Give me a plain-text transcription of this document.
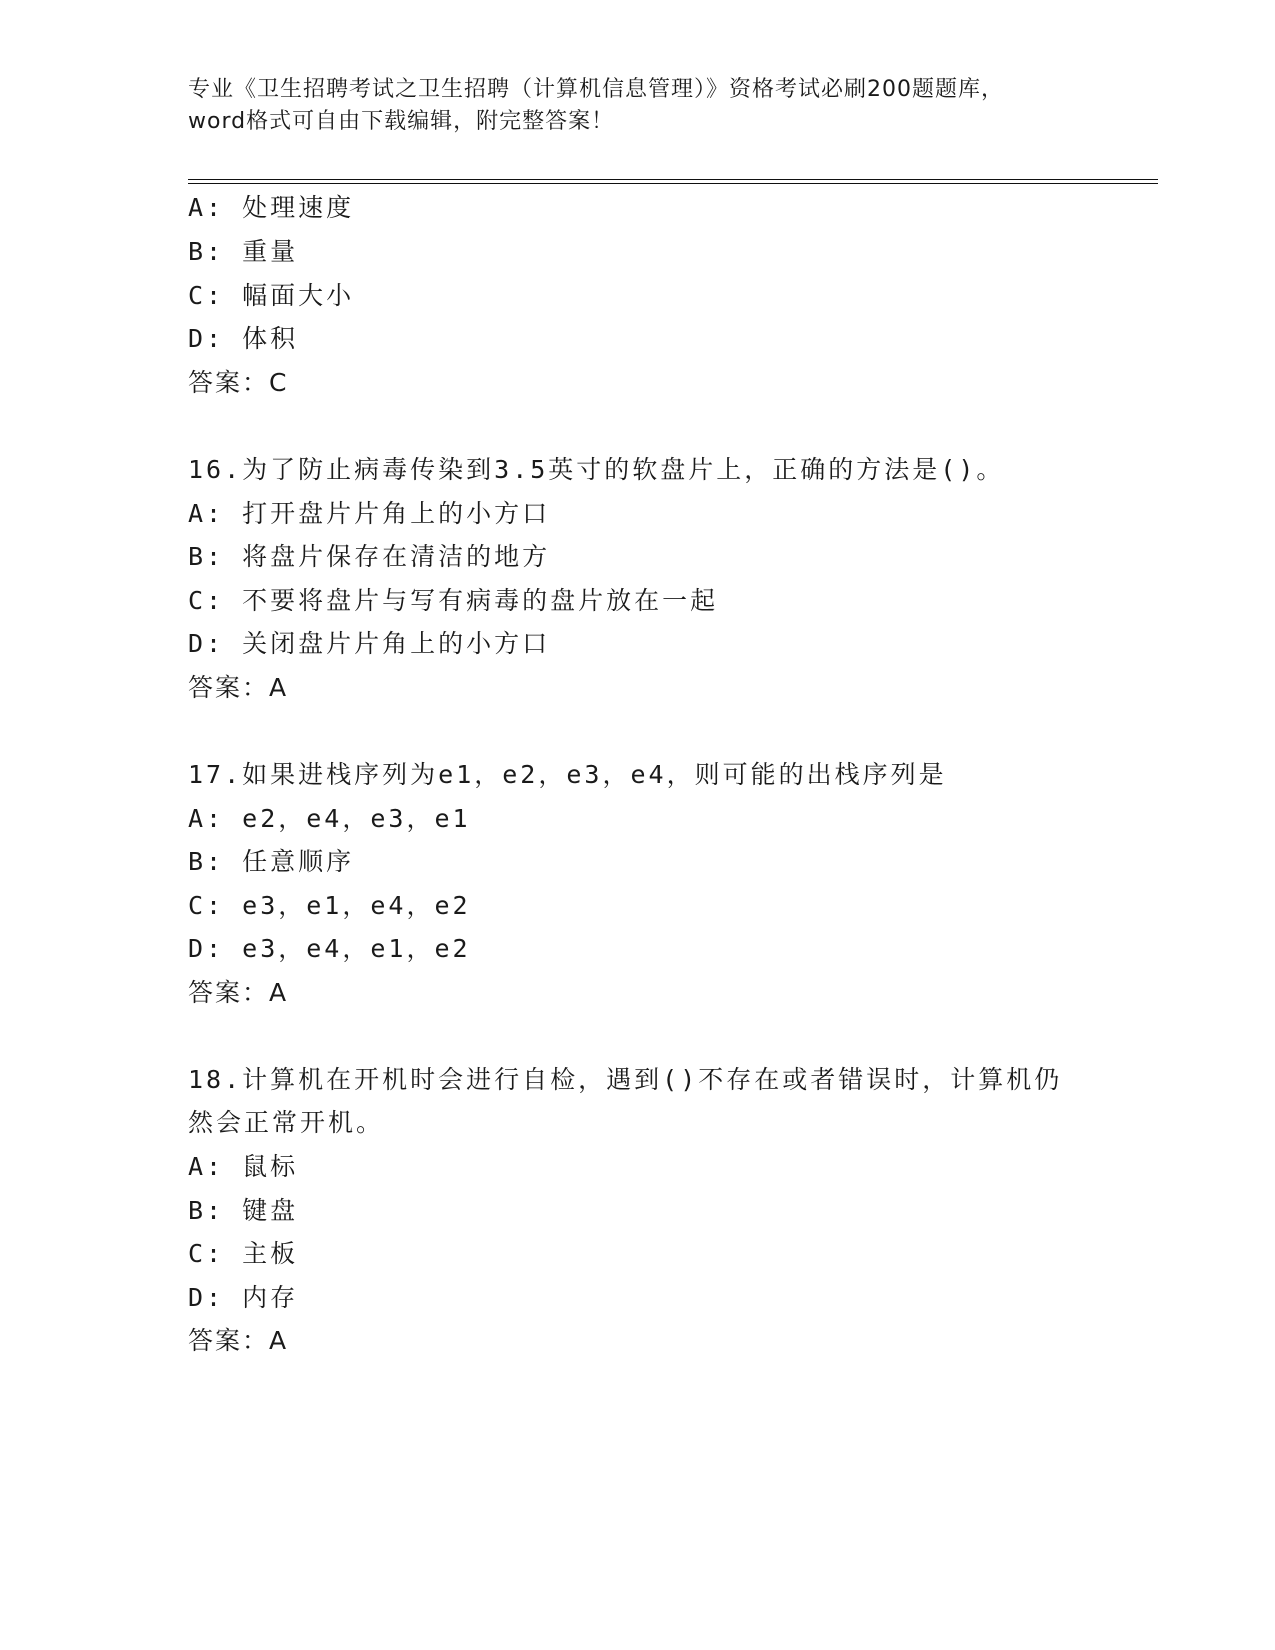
专业《卫生招聘考试之卫生招聘（计算机信息管理）》资格考试必刷200题题库，
word格式可自由下载编辑，附完整答案！
A: 处理速度
B: 重量
C: 幅面大小
D: 体积
答案：C
16.为了防止病毒传染到3.5英寸的软盘片上，正确的方法是()。
A: 打开盘片片角上的小方口
B: 将盘片保存在清洁的地方
C: 不要将盘片与写有病毒的盘片放在一起
D: 关闭盘片片角上的小方口
答案：A
17.如果进栈序列为e1，e2，e3，e4，则可能的出栈序列是
A: e2，e4，e3，e1
B: 任意顺序
C: e3，e1，e4，e2
D: e3，e4，e1，e2
答案：A
18.计算机在开机时会进行自检，遇到()不存在或者错误时，计算机仍
然会正常开机。
A: 鼠标
B: 键盘
C: 主板
D: 内存
答案：A
